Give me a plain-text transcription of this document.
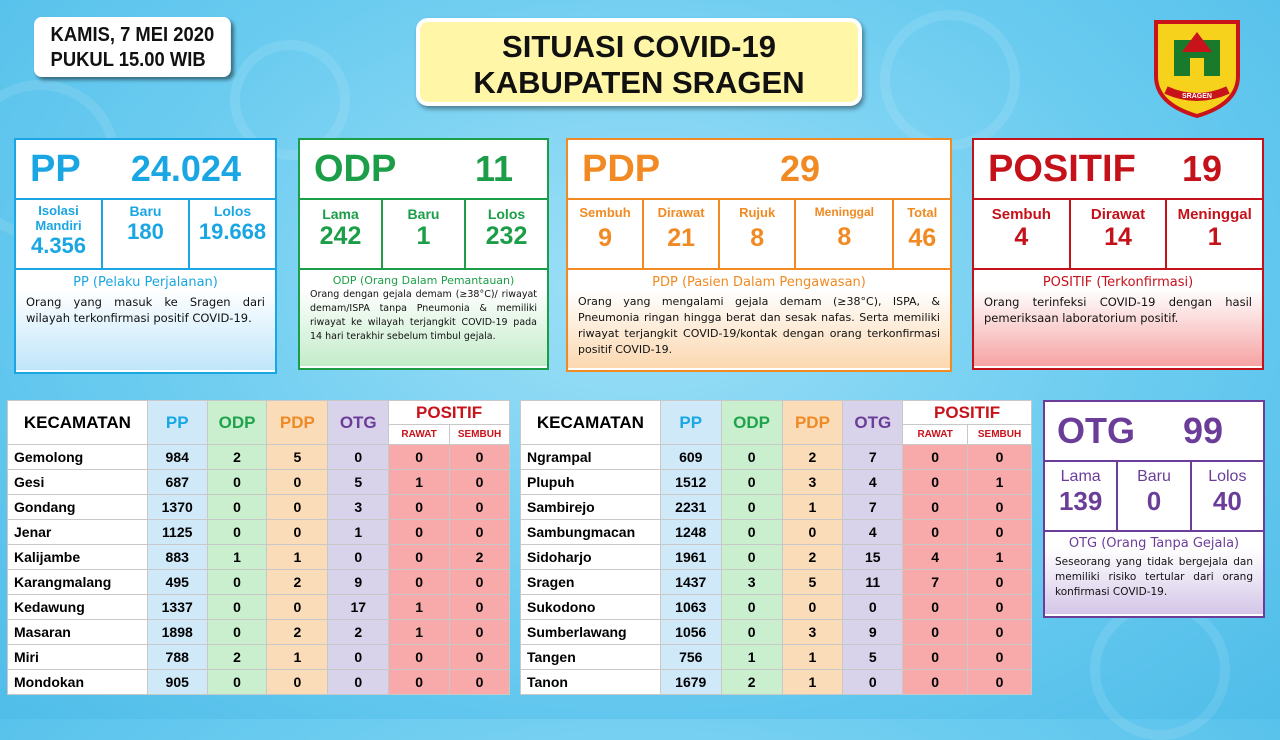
KAMIS, 7 MEI 2020
PUKUL 15.00 WIB	SITUASI COVID-19
KABUPATEN SRAGEN	SRAGEN
PP 24.024
Isolasi Mandiri
4.356
Baru
180
Lolos
19.668
PP (Pelaku Perjalanan)
Orang yang masuk ke Sragen dari wilayah terkonfirmasi positif COVID-19.
ODP 11
Lama
242
Baru
1
Lolos
232
ODP (Orang Dalam Pemantauan)
Orang dengan gejala demam (≥38°C)/ riwayat demam/ISPA tanpa Pneumonia & memiliki riwayat ke wilayah terjangkit COVID-19 pada 14 hari terakhir sebelum timbul gejala.
PDP	29
Sembuh
9
Dirawat
21
Rujuk
8
Meninggal
8
Total
46
PDP (Pasien Dalam Pengawasan)
Orang yang mengalami gejala demam (≥38°C), ISPA, & Pneumonia ringan hingga berat dan sesak nafas. Serta memiliki riwayat terjangkit COVID-19/kontak dengan orang terkonfirmasi positif COVID-19.
POSITIF 19
Sembuh
4
Dirawat
14
Meninggal
1
POSITIF (Terkonfirmasi)
Orang terinfeksi COVID-19 dengan hasil pemeriksaan laboratorium positif.
OTG 99
Lama
139
Baru
0
Lolos
40
OTG (Orang Tanpa Gejala)
Seseorang yang tidak bergejala dan memiliki risiko tertular dari orang konfirmasi COVID-19.
KECAMATAN	PP	ODP	PDP	OTG	POSITIF	
					RAWAT	SEMBUH
Gemolong	984	2	5	0	0	0
Gesi	687	0	0	5	1	0
Gondang	1370	0	0	3	0	0
Jenar	1125	0	0	1	0	0
Kalijambe	883	1	1	0	0	2
Karangmalang	495	0	2	9	0	0
Kedawung	1337	0	0	17	1	0
Masaran	1898	0	2	2	1	0
Miri	788	2	1	0	0	0
Mondokan	905	0	0	0	0	0
KECAMATAN	PP	ODP	PDP	OTG	POSITIF	
					RAWAT	SEMBUH
Ngrampal	609	0	2	7	0	0
Plupuh	1512	0	3	4	0	1
Sambirejo	2231	0	1	7	0	0
Sambungmacan	1248	0	0	4	0	0
Sidoharjo	1961	0	2	15	4	1
Sragen	1437	3	5	11	7	0
Sukodono	1063	0	0	0	0	0
Sumberlawang	1056	0	3	9	0	0
Tangen	756	1	1	5	0	0
Tanon	1679	2	1	0	0	0
